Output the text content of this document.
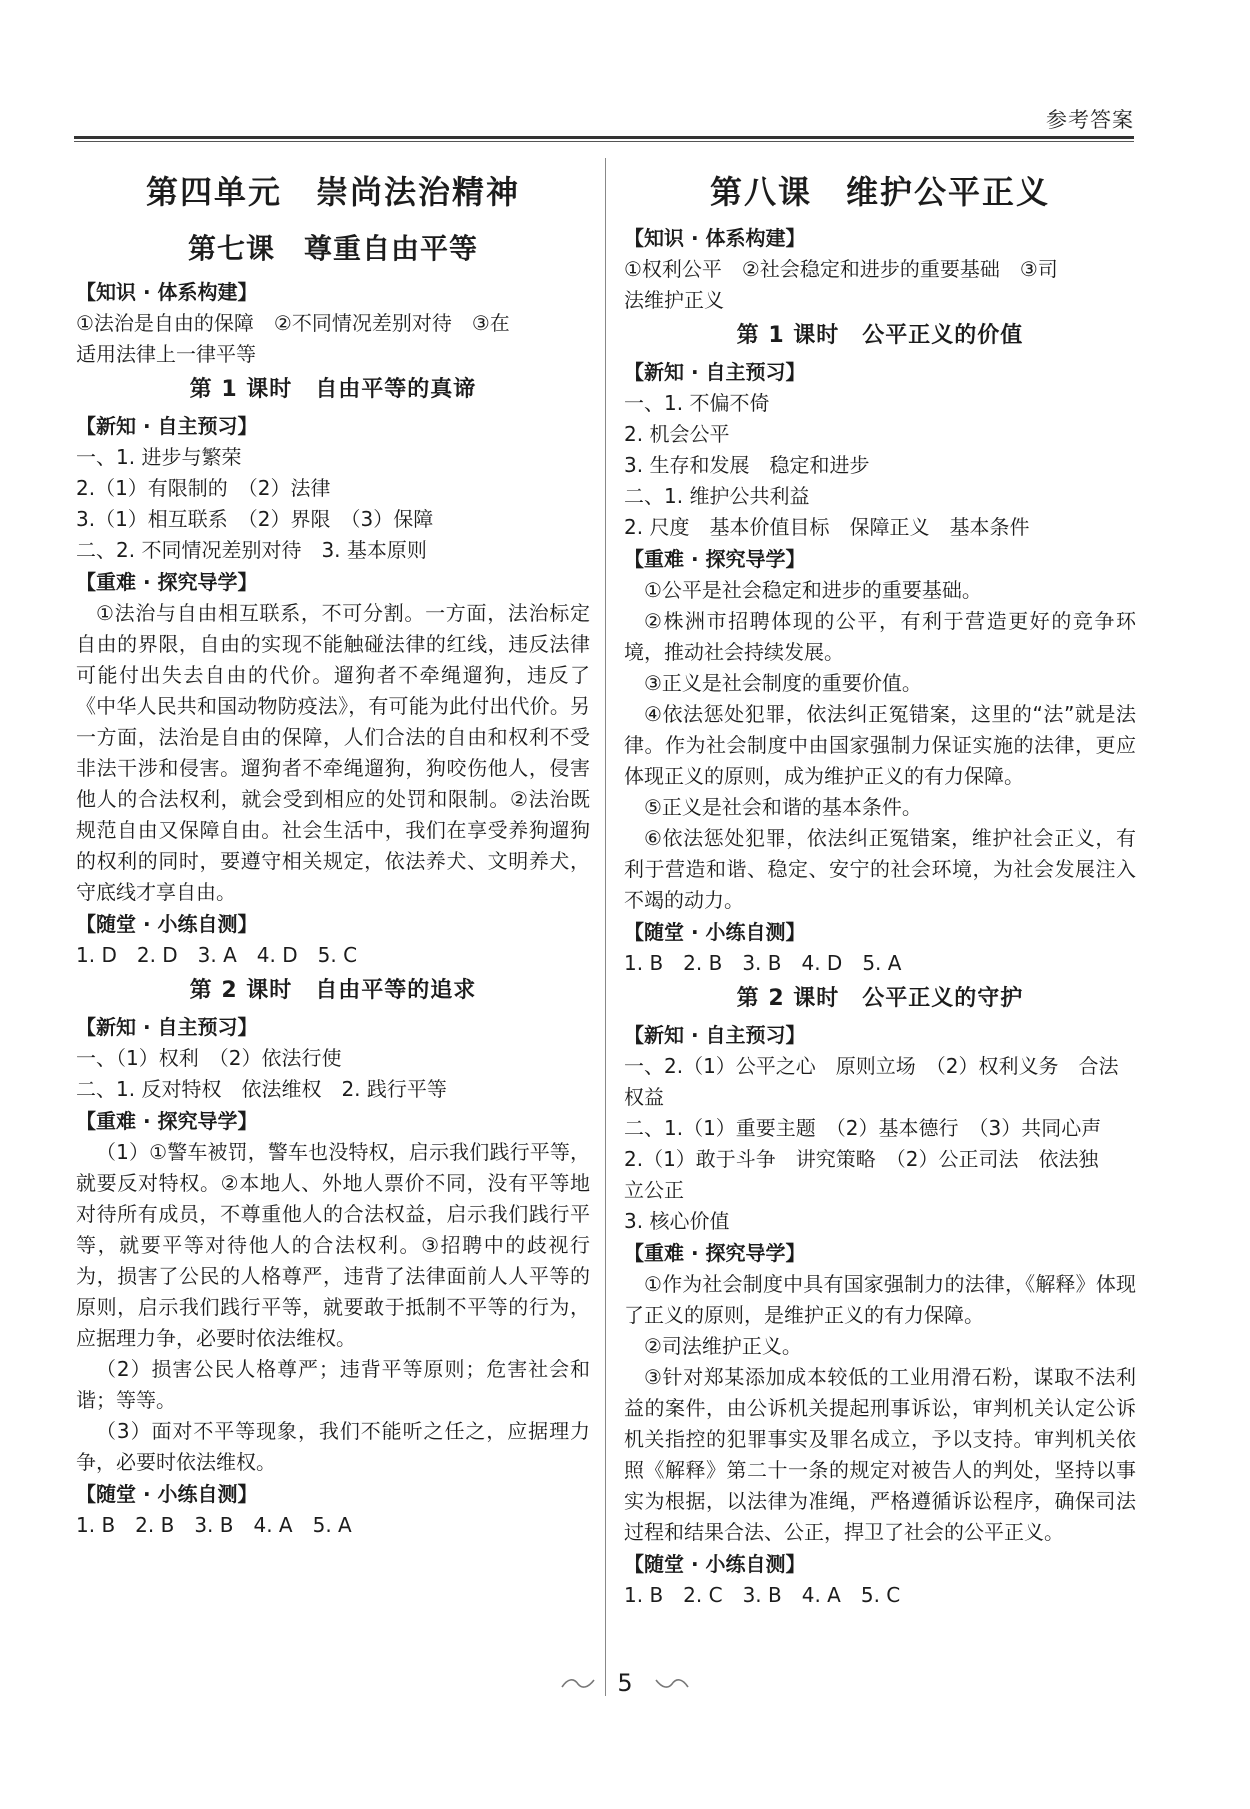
参考答案
第四单元　崇尚法治精神
第七课　尊重自由平等
【知识 · 体系构建】
①法治是自由的保障　②不同情况差别对待　③在
适用法律上一律平等
第 1 课时　自由平等的真谛
【新知 · 自主预习】
一、1. 进步与繁荣
2.（1）有限制的　（2）法律
3.（1）相互联系　（2）界限　（3）保障
二、2. 不同情况差别对待　3. 基本原则
【重难 · 探究导学】
①法治与自由相互联系，不可分割。一方面，法治标定自由的界限，自由的实现不能触碰法律的红线，违反法律可能付出失去自由的代价。遛狗者不牵绳遛狗，违反了《中华人民共和国动物防疫法》，有可能为此付出代价。另一方面，法治是自由的保障，人们合法的自由和权利不受非法干涉和侵害。遛狗者不牵绳遛狗，狗咬伤他人，侵害他人的合法权利，就会受到相应的处罚和限制。②法治既规范自由又保障自由。社会生活中，我们在享受养狗遛狗的权利的同时，要遵守相关规定，依法养犬、文明养犬，守底线才享自由。
【随堂 · 小练自测】
1. D　2. D　3. A　4. D　5. C
第 2 课时　自由平等的追求
【新知 · 自主预习】
一、（1）权利　（2）依法行使
二、1. 反对特权　依法维权　2. 践行平等
【重难 · 探究导学】
（1）①警车被罚，警车也没特权，启示我们践行平等，就要反对特权。②本地人、外地人票价不同，没有平等地对待所有成员，不尊重他人的合法权益，启示我们践行平等，就要平等对待他人的合法权利。③招聘中的歧视行为，损害了公民的人格尊严，违背了法律面前人人平等的原则，启示我们践行平等，就要敢于抵制不平等的行为，应据理力争，必要时依法维权。
（2）损害公民人格尊严；违背平等原则；危害社会和谐；等等。
（3）面对不平等现象，我们不能听之任之，应据理力争，必要时依法维权。
【随堂 · 小练自测】
1. B　2. B　3. B　4. A　5. A
第八课　维护公平正义
【知识 · 体系构建】
①权利公平　②社会稳定和进步的重要基础　③司
法维护正义
第 1 课时　公平正义的价值
【新知 · 自主预习】
一、1. 不偏不倚
2. 机会公平
3. 生存和发展　稳定和进步
二、1. 维护公共利益
2. 尺度　基本价值目标　保障正义　基本条件
【重难 · 探究导学】
①公平是社会稳定和进步的重要基础。
②株洲市招聘体现的公平，有利于营造更好的竞争环境，推动社会持续发展。
③正义是社会制度的重要价值。
④依法惩处犯罪，依法纠正冤错案，这里的“法”就是法律。作为社会制度中由国家强制力保证实施的法律，更应体现正义的原则，成为维护正义的有力保障。
⑤正义是社会和谐的基本条件。
⑥依法惩处犯罪，依法纠正冤错案，维护社会正义，有利于营造和谐、稳定、安宁的社会环境，为社会发展注入不竭的动力。
【随堂 · 小练自测】
1. B　2. B　3. B　4. D　5. A
第 2 课时　公平正义的守护
【新知 · 自主预习】
一、2.（1）公平之心　原则立场　（2）权利义务　合法
权益
二、1.（1）重要主题　（2）基本德行　（3）共同心声
2.（1）敢于斗争　讲究策略　（2）公正司法　依法独
立公正
3. 核心价值
【重难 · 探究导学】
①作为社会制度中具有国家强制力的法律，《解释》体现了正义的原则，是维护正义的有力保障。
②司法维护正义。
③针对郑某添加成本较低的工业用滑石粉，谋取不法利益的案件，由公诉机关提起刑事诉讼，审判机关认定公诉机关指控的犯罪事实及罪名成立，予以支持。审判机关依照《解释》第二十一条的规定对被告人的判处，坚持以事实为根据，以法律为准绳，严格遵循诉讼程序，确保司法过程和结果合法、公正，捍卫了社会的公平正义。
【随堂 · 小练自测】
1. B　2. C　3. B　4. A　5. C
5
